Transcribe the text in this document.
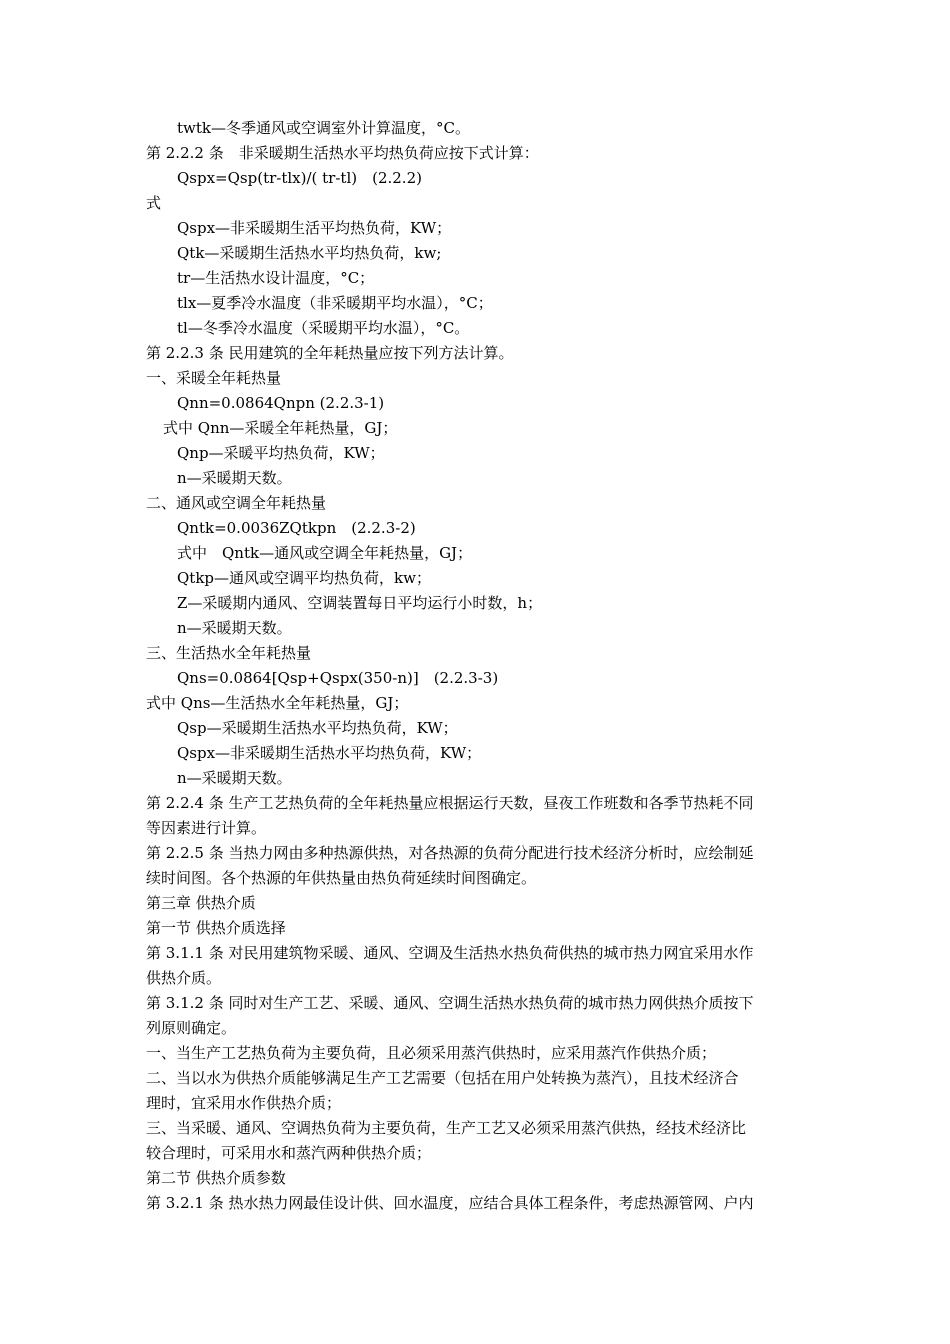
twtk—冬季通风或空调室外计算温度，°C。
第 2.2.2 条　非采暖期生活热水平均热负荷应按下式计算：
Qspx=Qsp(tr-tlx)/( tr-tl)　(2.2.2)
式
Qspx—非采暖期生活平均热负荷，KW；
Qtk—采暖期生活热水平均热负荷，kw;
tr—生活热水设计温度，°C；
tlx—夏季冷水温度（非采暖期平均水温），°C；
tl—冬季冷水温度（采暖期平均水温），°C。
第 2.2.3 条 民用建筑的全年耗热量应按下列方法计算。
一、采暖全年耗热量
Qnn=0.0864Qnpn (2.2.3-1)
式中 Qnn—采暖全年耗热量，GJ；
Qnp—采暖平均热负荷，KW；
n—采暖期天数。
二、通风或空调全年耗热量
Qntk=0.0036ZQtkpn　(2.2.3-2)
式中　Qntk—通风或空调全年耗热量，GJ；
Qtkp—通风或空调平均热负荷，kw；
Z—采暖期内通风、空调装置每日平均运行小时数，h；
n—采暖期天数。
三、生活热水全年耗热量
Qns=0.0864[Qsp+Qspx(350-n)]　(2.2.3-3)
式中 Qns—生活热水全年耗热量，GJ；
Qsp—采暖期生活热水平均热负荷，KW；
Qspx—非采暖期生活热水平均热负荷，KW；
n—采暖期天数。
第 2.2.4 条 生产工艺热负荷的全年耗热量应根据运行天数，昼夜工作班数和各季节热耗不同
等因素进行计算。
第 2.2.5 条 当热力网由多种热源供热，对各热源的负荷分配进行技术经济分析时，应绘制延
续时间图。各个热源的年供热量由热负荷延续时间图确定。
第三章 供热介质
第一节 供热介质选择
第 3.1.1 条 对民用建筑物采暖、通风、空调及生活热水热负荷供热的城市热力网宜采用水作
供热介质。
第 3.1.2 条 同时对生产工艺、采暖、通风、空调生活热水热负荷的城市热力网供热介质按下
列原则确定。
一、当生产工艺热负荷为主要负荷，且必须采用蒸汽供热时，应采用蒸汽作供热介质；
二、当以水为供热介质能够满足生产工艺需要（包括在用户处转换为蒸汽），且技术经济合
理时，宜采用水作供热介质；
三、当采暖、通风、空调热负荷为主要负荷，生产工艺又必须采用蒸汽供热，经技术经济比
较合理时，可采用水和蒸汽两种供热介质；
第二节 供热介质参数
第 3.2.1 条 热水热力网最佳设计供、回水温度，应结合具体工程条件，考虑热源管网、户内
